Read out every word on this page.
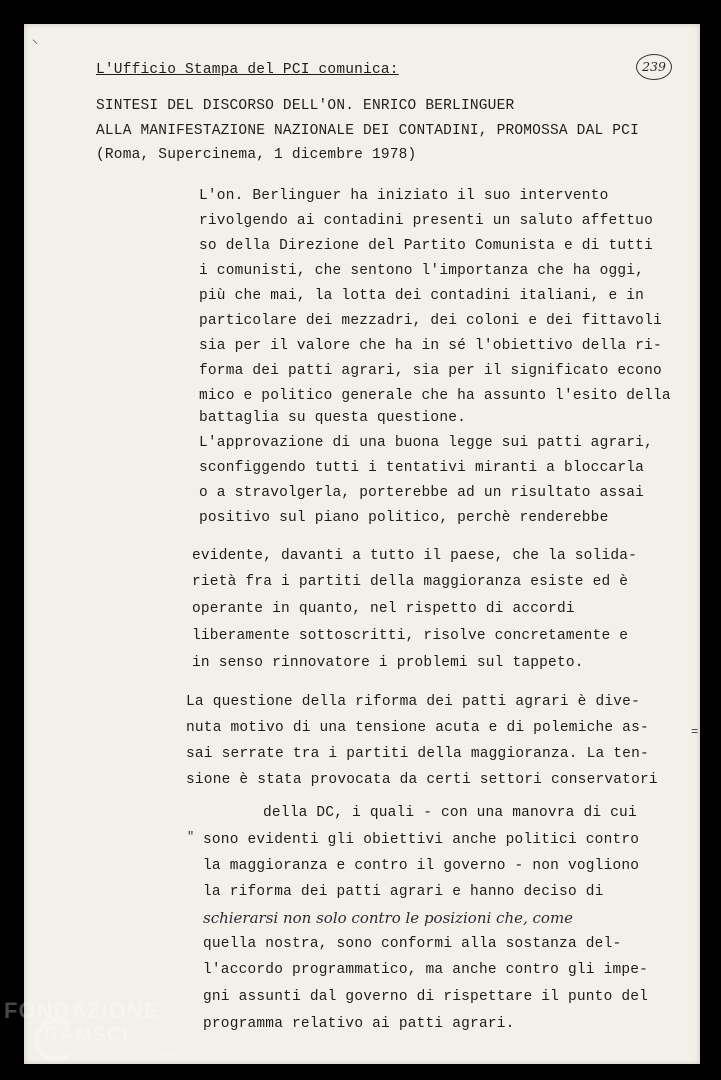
⸜

L'Ufficio Stampa del PCI comunica:	239

SINTESI DEL DISCORSO DELL'ON. ENRICO BERLINGUER

ALLA MANIFESTAZIONE NAZIONALE DEI CONTADINI, PROMOSSA DAL PCI

(Roma, Supercinema, 1 dicembre 1978)

L'on. Berlinguer ha iniziato il suo intervento

rivolgendo ai contadini presenti un saluto affettuo

so della Direzione del Partito Comunista e di tutti

i comunisti, che sentono l'importanza che ha oggi,

più che mai, la lotta dei contadini italiani, e in

particolare dei mezzadri, dei coloni e dei fittavoli

sia per il valore che ha in sé l'obiettivo della ri-

forma dei patti agrari, sia per il significato econo

mico e politico generale che ha assunto l'esito della

battaglia su questa questione.

L'approvazione di una buona legge sui patti agrari,

sconfiggendo tutti i tentativi miranti a bloccarla

o a stravolgerla, porterebbe ad un risultato assai

positivo sul piano politico, perchè renderebbe

evidente, davanti a tutto il paese, che la solida-

rietà fra i partiti della maggioranza esiste ed è

operante in quanto, nel rispetto di accordi

liberamente sottoscritti, risolve concretamente e

in senso rinnovatore i problemi sul tappeto.

La questione della riforma dei patti agrari è dive-

nuta motivo di una tensione acuta e di polemiche as-

sai serrate tra i partiti della maggioranza. La ten-

sione è stata provocata da certi settori conservatori

della DC, i quali - con una manovra di cui

sono evidenti gli obiettivi anche politici contro

la maggioranza e contro il governo - non vogliono

la riforma dei patti agrari e hanno deciso di

schierarsi non solo contro le posizioni che, come

quella nostra, sono conformi alla sostanza del-

l'accordo programmatico, ma anche contro gli impe-

gni assunti dal governo di rispettare il punto del

programma relativo ai patti agrari.

=
"
FONDAZIONE
RAMSCI
onlus
